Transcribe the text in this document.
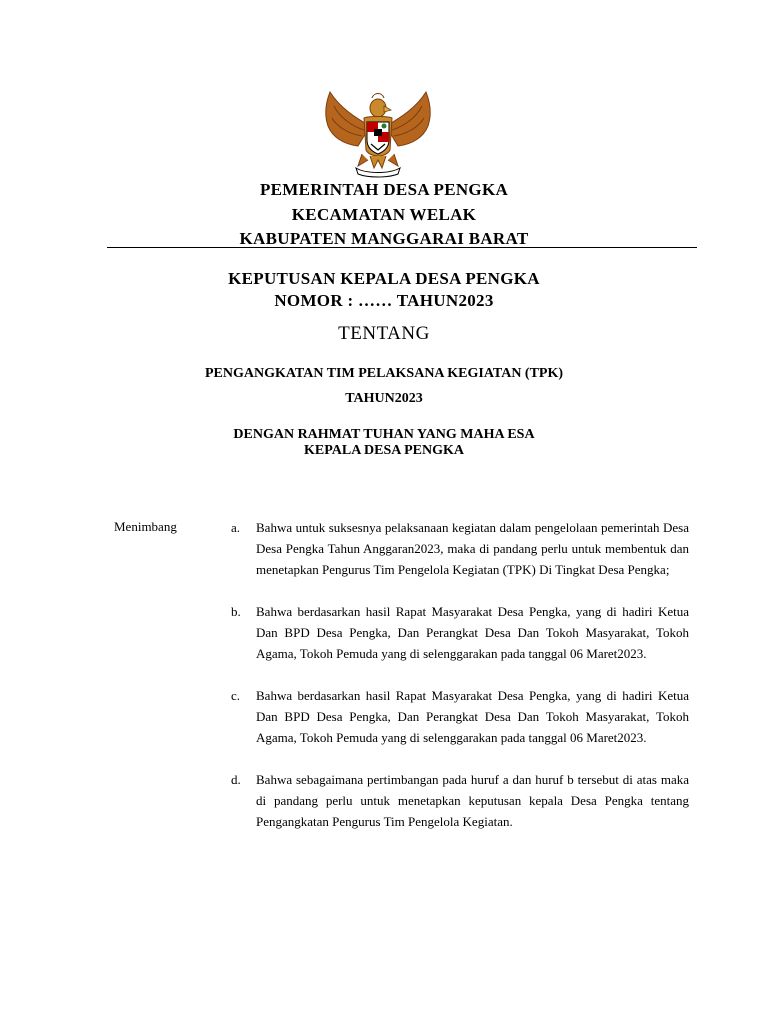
PEMERINTAH DESA PENGKA
KECAMATAN WELAK
KABUPATEN MANGGARAI BARAT
KEPUTUSAN KEPALA DESA PENGKA
NOMOR : …… TAHUN2023
TENTANG
PENGANGKATAN TIM PELAKSANA KEGIATAN (TPK)
TAHUN2023
DENGAN RAHMAT TUHAN YANG MAHA ESA
KEPALA DESA PENGKA
Menimbang	a. Bahwa untuk suksesnya pelaksanaan kegiatan dalam pengelolaan pemerintah Desa Desa Pengka Tahun Anggaran2023, maka di pandang perlu untuk membentuk dan menetapkan Pengurus Tim Pengelola Kegiatan (TPK) Di Tingkat Desa Pengka;
b. Bahwa berdasarkan hasil Rapat Masyarakat Desa Pengka, yang di hadiri Ketua Dan BPD Desa Pengka, Dan Perangkat Desa Dan Tokoh Masyarakat, Tokoh Agama, Tokoh Pemuda yang di selenggarakan pada tanggal 06 Maret2023.
c. Bahwa berdasarkan hasil Rapat Masyarakat Desa Pengka, yang di hadiri Ketua Dan BPD Desa Pengka, Dan Perangkat Desa Dan Tokoh Masyarakat, Tokoh Agama, Tokoh Pemuda yang di selenggarakan pada tanggal 06 Maret2023.
d. Bahwa sebagaimana pertimbangan pada huruf a dan huruf b tersebut di atas maka di pandang perlu untuk menetapkan keputusan kepala Desa Pengka tentang Pengangkatan Pengurus Tim Pengelola Kegiatan.
